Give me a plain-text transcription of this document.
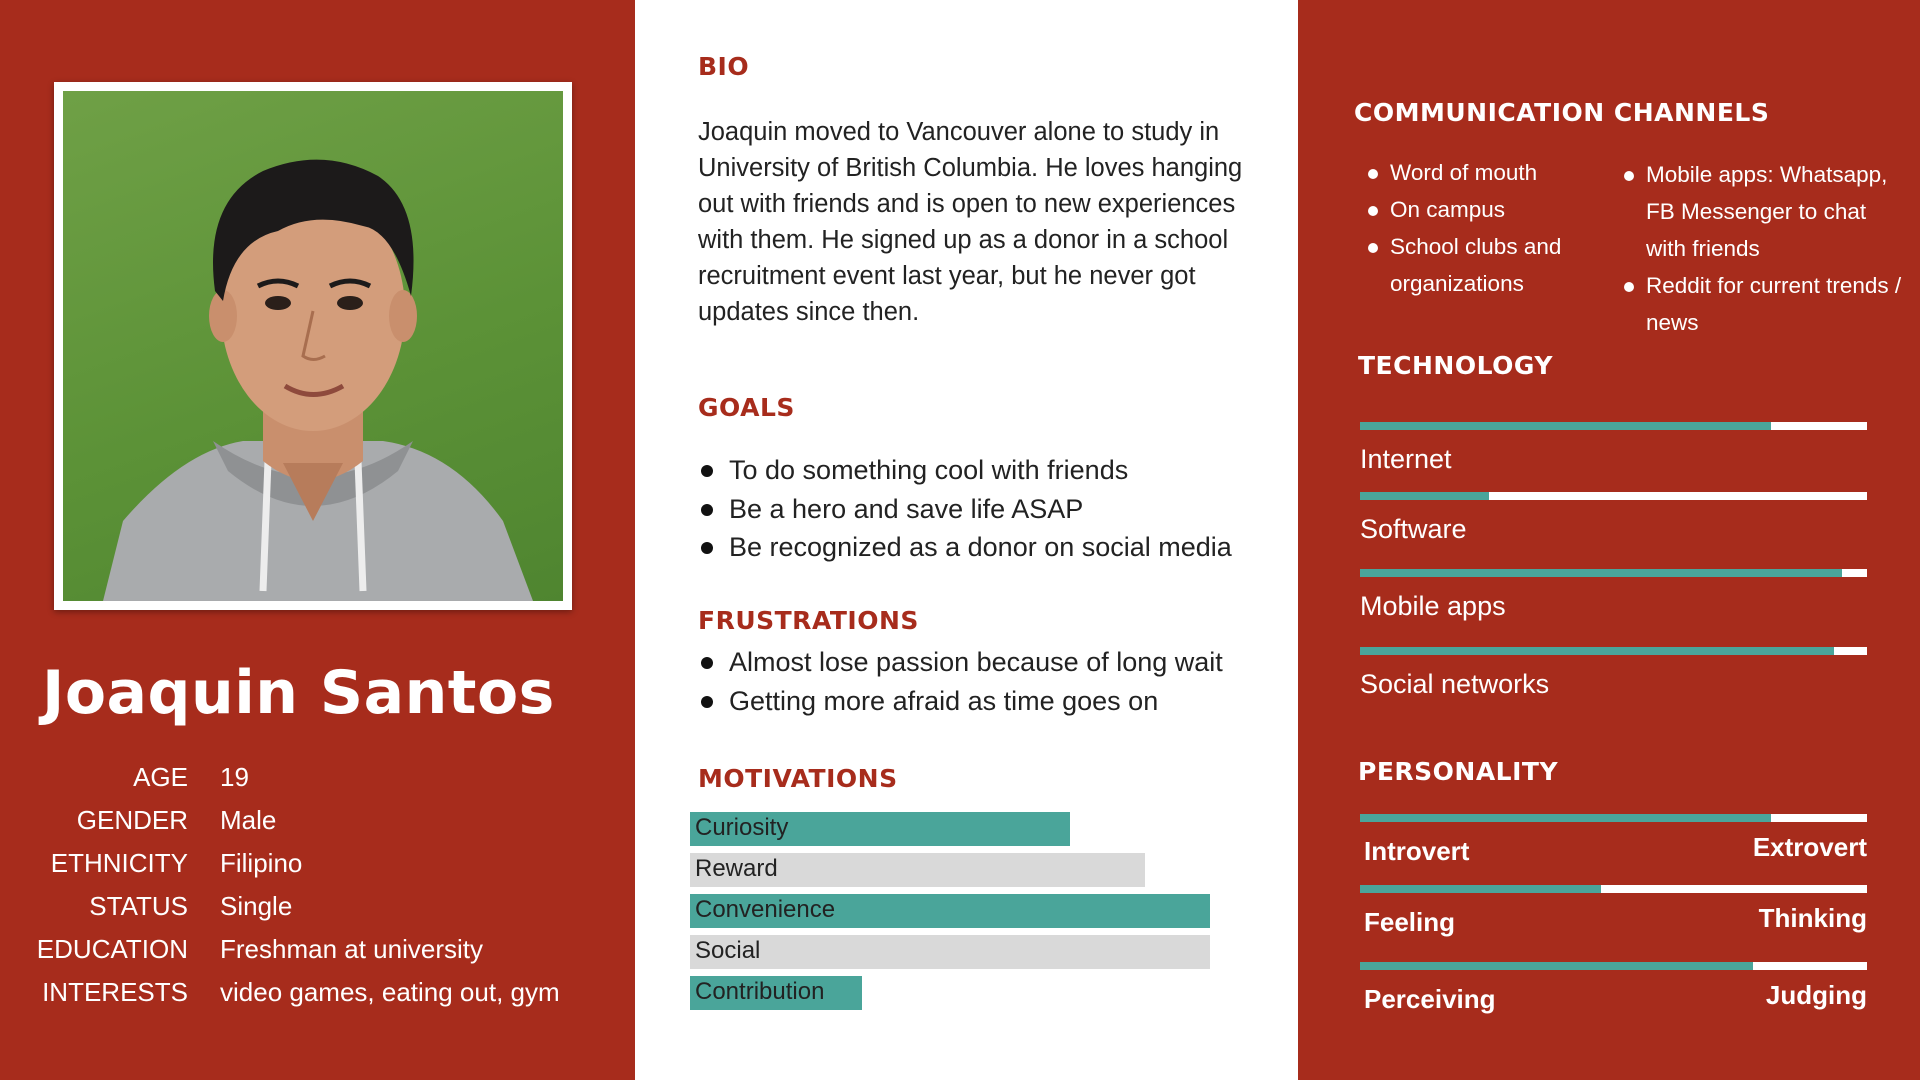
Joaquin Santos
AGE 19
GENDER Male
ETHNICITY Filipino
STATUS Single
EDUCATION Freshman at university
INTERESTS video games, eating out, gym
BIO
Joaquin moved to Vancouver alone to study in University of British Columbia. He loves hanging out with friends and is open to new experiences with them. He signed up as a donor in a school recruitment event last year, but he never got updates since then.
GOALS
To do something cool with friends
Be a hero and save life ASAP
Be recognized as a donor on social media
FRUSTRATIONS
Almost lose passion because of long wait
Getting more afraid as time goes on
MOTIVATIONS
Curiosity
Reward
Convenience
Social
Contribution
COMMUNICATION CHANNELS
Word of mouth
On campus
School clubs and organizations
Mobile apps: Whatsapp, FB Messenger to chat with friends
Reddit for current trends / news
TECHNOLOGY
Internet
Software
Mobile apps
Social networks
PERSONALITY
Introvert	Extrovert
Feeling	Thinking
Perceiving	Judging
